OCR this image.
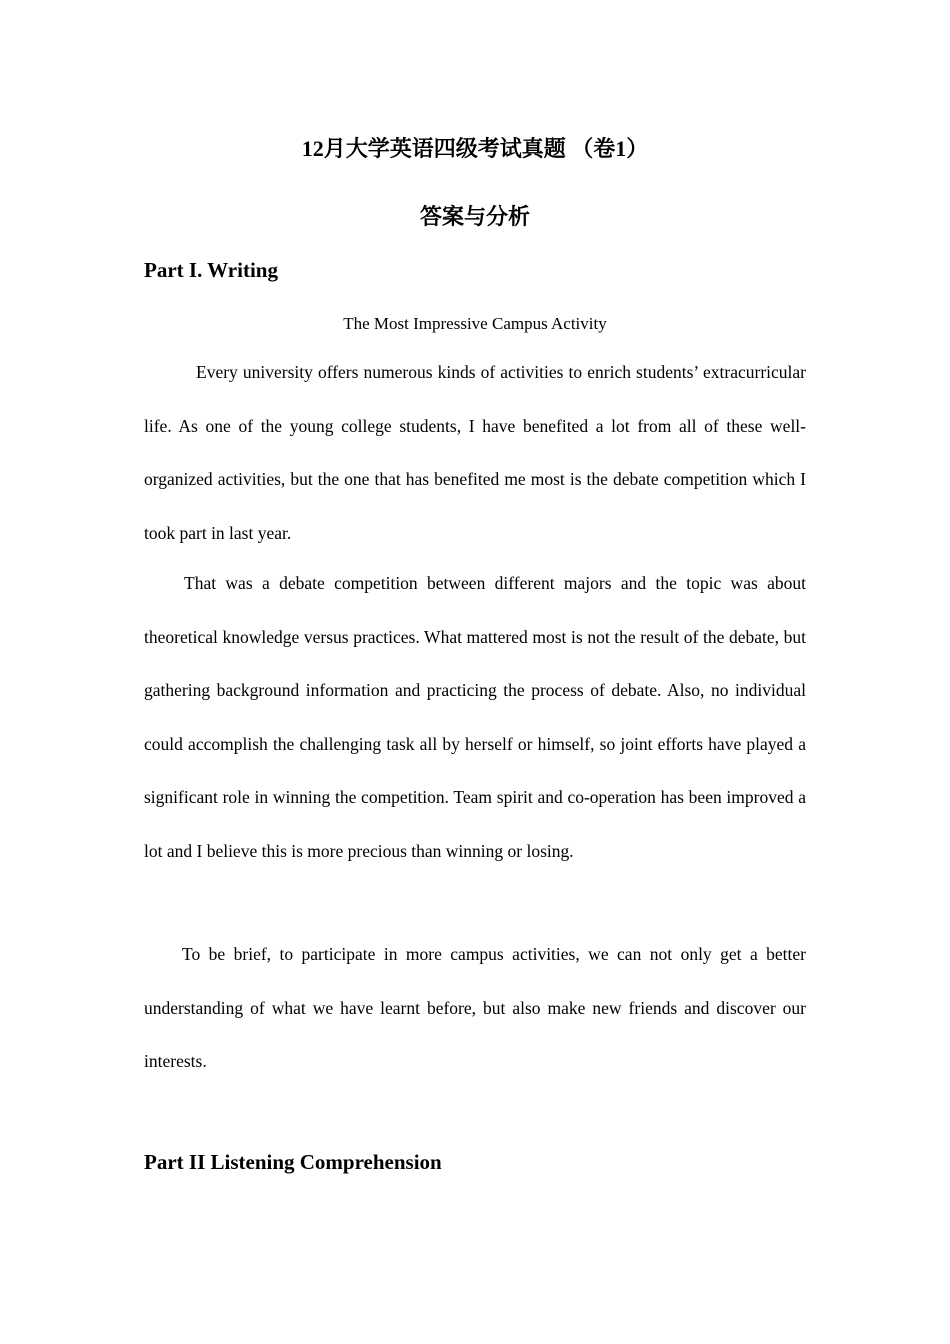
12月大学英语四级考试真题 （卷1）
答案与分析
Part I. Writing

The Most Impressive Campus Activity

Every university offers numerous kinds of activities to enrich students’ extracurricular life. As one of the young college students, I have benefited a lot from all of these well-organized activities, but the one that has benefited me most is the debate competition which I took part in last year.

That was a debate competition between different majors and the topic was about theoretical knowledge versus practices. What mattered most is not the result of the debate, but gathering background information and practicing the process of debate. Also, no individual could accomplish the challenging task all by herself or himself, so joint efforts have played a significant role in winning the competition. Team spirit and co-operation has been improved a lot and I believe this is more precious than winning or losing.

To be brief, to participate in more campus activities, we can not only get a better understanding of what we have learnt before, but also make new friends and discover our interests.

Part II Listening Comprehension
